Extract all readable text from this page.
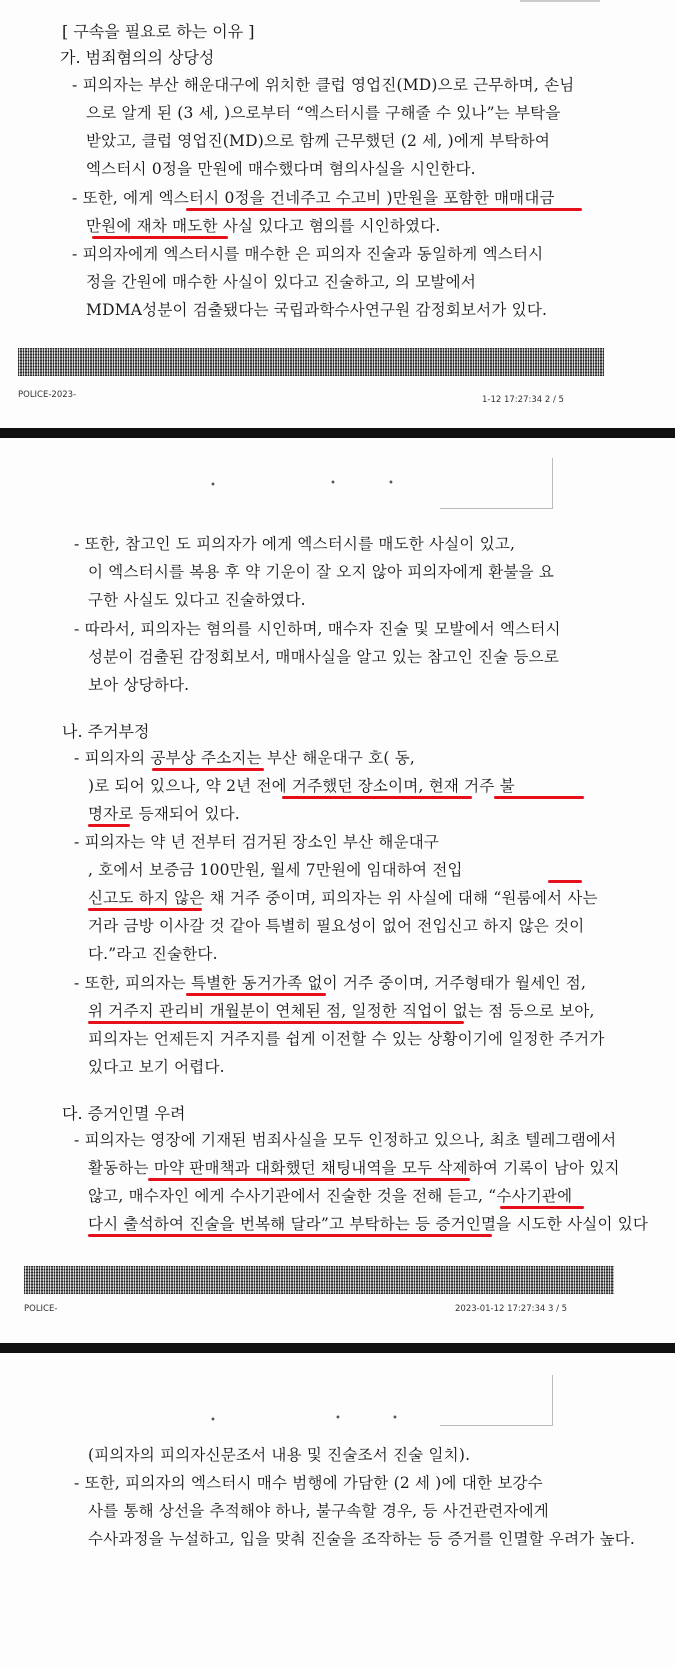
[ 구속을 필요로 하는 이유 ]
가. 범죄혐의의 상당성
- 피의자는 부산 해운대구에 위치한 클럽 영업진(MD)으로 근무하며, 손님
으로 알게 된 (3 세, )으로부터 “엑스터시를 구해줄 수 있나”는 부탁을
받았고, 클럽 영업진(MD)으로 함께 근무했던 (2 세, )에게 부탁하여
엑스터시 0정을 만원에 매수했다며 혐의사실을 시인한다.
- 또한, 에게 엑스터시 0정을 건네주고 수고비 )만원을 포함한 매매대금
만원에 재차 매도한 사실 있다고 혐의를 시인하였다.
- 피의자에게 엑스터시를 매수한 은 피의자 진술과 동일하게 엑스터시
정을 간원에 매수한 사실이 있다고 진술하고, 의 모발에서
MDMA성분이 검출됐다는 국립과학수사연구원 감정회보서가 있다.
POLICE-2023-	1-12 17:27:34 2 / 5
•	•	•
- 또한, 참고인 도 피의자가 에게 엑스터시를 매도한 사실이 있고,
이 엑스터시를 복용 후 약 기운이 잘 오지 않아 피의자에게 환불을 요
구한 사실도 있다고 진술하였다.
- 따라서, 피의자는 혐의를 시인하며, 매수자 진술 및 모발에서 엑스터시
성분이 검출된 감정회보서, 매매사실을 알고 있는 참고인 진술 등으로
보아 상당하다.
나. 주거부정
- 피의자의 공부상 주소지는 부산 해운대구 호( 동,
)로 되어 있으나, 약 2년 전에 거주했던 장소이며, 현재 거주 불
명자로 등재되어 있다.
- 피의자는 약 년 전부터 검거된 장소인 부산 해운대구
, 호에서 보증금 100만원, 월세 7만원에 임대하여 전입
신고도 하지 않은 채 거주 중이며, 피의자는 위 사실에 대해 “원룸에서 사는
거라 금방 이사갈 것 같아 특별히 필요성이 없어 전입신고 하지 않은 것이
다.”라고 진술한다.
- 또한, 피의자는 특별한 동거가족 없이 거주 중이며, 거주형태가 월세인 점,
위 거주지 관리비 개월분이 연체된 점, 일정한 직업이 없는 점 등으로 보아,
피의자는 언제든지 거주지를 쉽게 이전할 수 있는 상황이기에 일정한 주거가
있다고 보기 어렵다.
다. 증거인멸 우려
- 피의자는 영장에 기재된 범죄사실을 모두 인정하고 있으나, 최초 텔레그램에서
활동하는 마약 판매책과 대화했던 채팅내역을 모두 삭제하여 기록이 남아 있지
않고, 매수자인 에게 수사기관에서 진술한 것을 전해 듣고, “수사기관에
다시 출석하여 진술을 번복해 달라”고 부탁하는 등 증거인멸을 시도한 사실이 있다
POLICE-	2023-01-12 17:27:34 3 / 5
•	•	•
(피의자의 피의자신문조서 내용 및 진술조서 진술 일치).
- 또한, 피의자의 엑스터시 매수 범행에 가담한 (2 세 )에 대한 보강수
사를 통해 상선을 추적해야 하나, 불구속할 경우, 등 사건관련자에게
수사과정을 누설하고, 입을 맞춰 진술을 조작하는 등 증거를 인멸할 우려가 높다.
